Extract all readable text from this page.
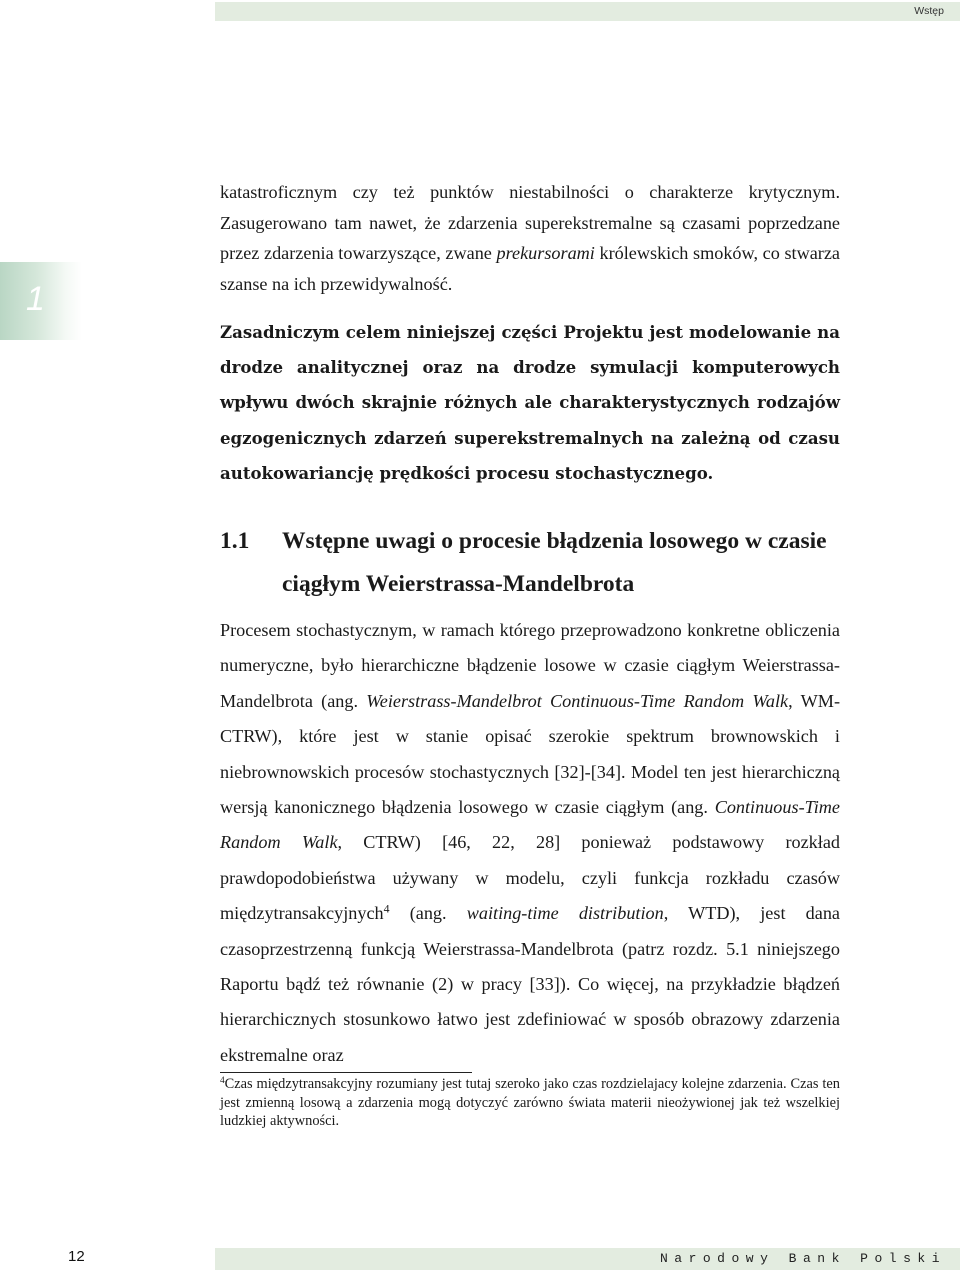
Wstęp
1

katastroficznym czy też punktów niestabilności o charakterze krytycznym. Zasugerowano tam nawet, że zdarzenia superekstremalne są czasami poprzedzane przez zdarzenia towarzyszące, zwane prekursorami królewskich smoków, co stwarza szanse na ich przewidywalność.

Zasadniczym celem niniejszej części Projektu jest modelowanie na drodze analitycznej oraz na drodze symulacji komputerowych wpływu dwóch skrajnie różnych ale charakterystycznych rodzajów egzogenicznych zdarzeń superekstremalnych na zależną od czasu autokowariancję prędkości procesu stochastycznego.

1.1 Wstępne uwagi o procesie błądzenia losowego w czasie ciągłym Weierstrassa-Mandelbrota

Procesem stochastycznym, w ramach którego przeprowadzono konkretne obliczenia numeryczne, było hierarchiczne błądzenie losowe w czasie ciągłym Weierstrassa-Mandelbrota (ang. Weierstrass-Mandelbrot Continuous-Time Random Walk, WM-CTRW), które jest w stanie opisać szerokie spektrum brownowskich i niebrownowskich procesów stochastycznych [32]-[34]. Model ten jest hierarchiczną wersją kanonicznego błądzenia losowego w czasie ciągłym (ang. Continuous-Time Random Walk, CTRW) [46, 22, 28] ponieważ podstawowy rozkład prawdopodobieństwa używany w modelu, czyli funkcja rozkładu czasów międzytransakcyjnych$^4$ (ang. waiting-time distribution, WTD), jest dana czasoprzestrzenną funkcją Weierstrassa-Mandelbrota (patrz rozdz. 5.1 niniejszego Raportu bądź też równanie (2) w pracy [33]). Co więcej, na przykładzie błądzeń hierarchicznych stosunkowo łatwo jest zdefiniować w sposób obrazowy zdarzenia ekstremalne oraz

$^4$Czas międzytransakcyjny rozumiany jest tutaj szeroko jako czas rozdzielajacy kolejne zdarzenia. Czas ten jest zmienną losową a zdarzenia mogą dotyczyć zarówno świata materii nieożywionej jak też wszelkiej ludzkiej aktywności.

12	Narodowy Bank Polski
